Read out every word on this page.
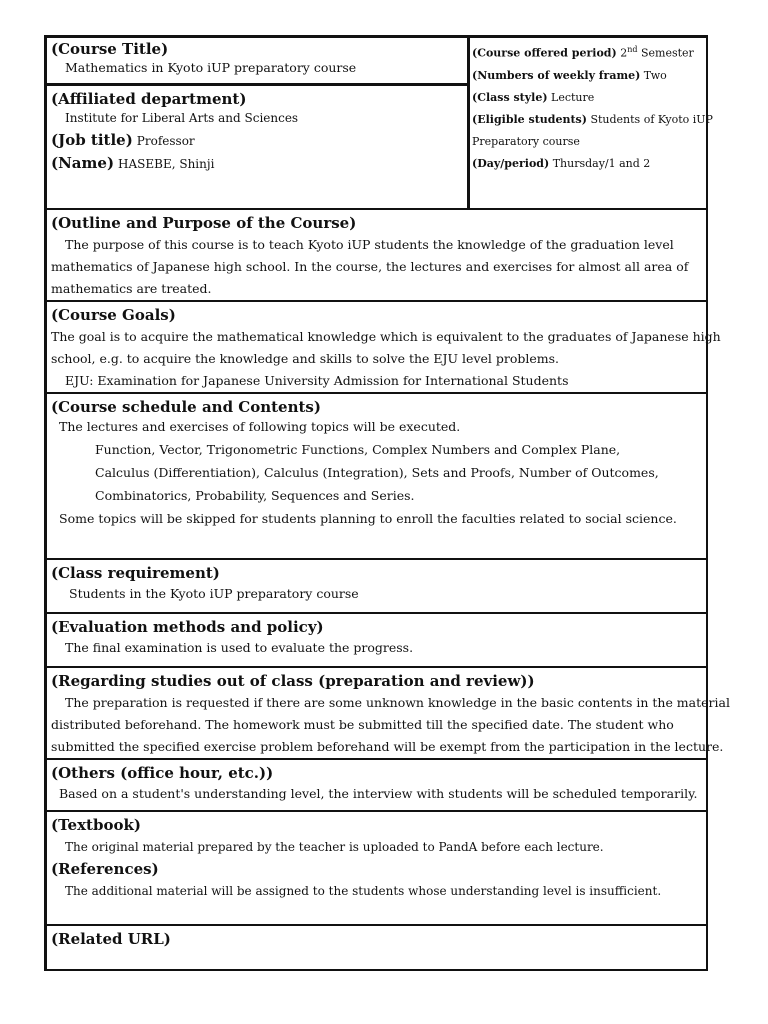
(Course Title)
Mathematics in Kyoto iUP preparatory course
(Affiliated department)
Institute for Liberal Arts and Sciences
(Job title) Professor
(Name) HASEBE, Shinji
(Course offered period) 2nd Semester
(Numbers of weekly frame) Two
(Class style) Lecture
(Eligible students) Students of Kyoto iUP
Preparatory course
(Day/period) Thursday/1 and 2
(Outline and Purpose of the Course)
The purpose of this course is to teach Kyoto iUP students the knowledge of the graduation level
mathematics of Japanese high school. In the course, the lectures and exercises for almost all area of
mathematics are treated.
(Course Goals)
The goal is to acquire the mathematical knowledge which is equivalent to the graduates of Japanese high
school, e.g. to acquire the knowledge and skills to solve the EJU level problems.
EJU: Examination for Japanese University Admission for International Students
(Course schedule and Contents)
The lectures and exercises of following topics will be executed.
Function, Vector, Trigonometric Functions, Complex Numbers and Complex Plane,
Calculus (Differentiation), Calculus (Integration), Sets and Proofs, Number of Outcomes,
Combinatorics, Probability, Sequences and Series.
Some topics will be skipped for students planning to enroll the faculties related to social science.
(Class requirement)
Students in the Kyoto iUP preparatory course
(Evaluation methods and policy)
The final examination is used to evaluate the progress.
(Regarding studies out of class (preparation and review))
The preparation is requested if there are some unknown knowledge in the basic contents in the material
distributed beforehand. The homework must be submitted till the specified date. The student who
submitted the specified exercise problem beforehand will be exempt from the participation in the lecture.
(Others (office hour, etc.))
Based on a student's understanding level, the interview with students will be scheduled temporarily.
(Textbook)
The original material prepared by the teacher is uploaded to PandA before each lecture.
(References)
The additional material will be assigned to the students whose understanding level is insufficient.
(Related URL)
